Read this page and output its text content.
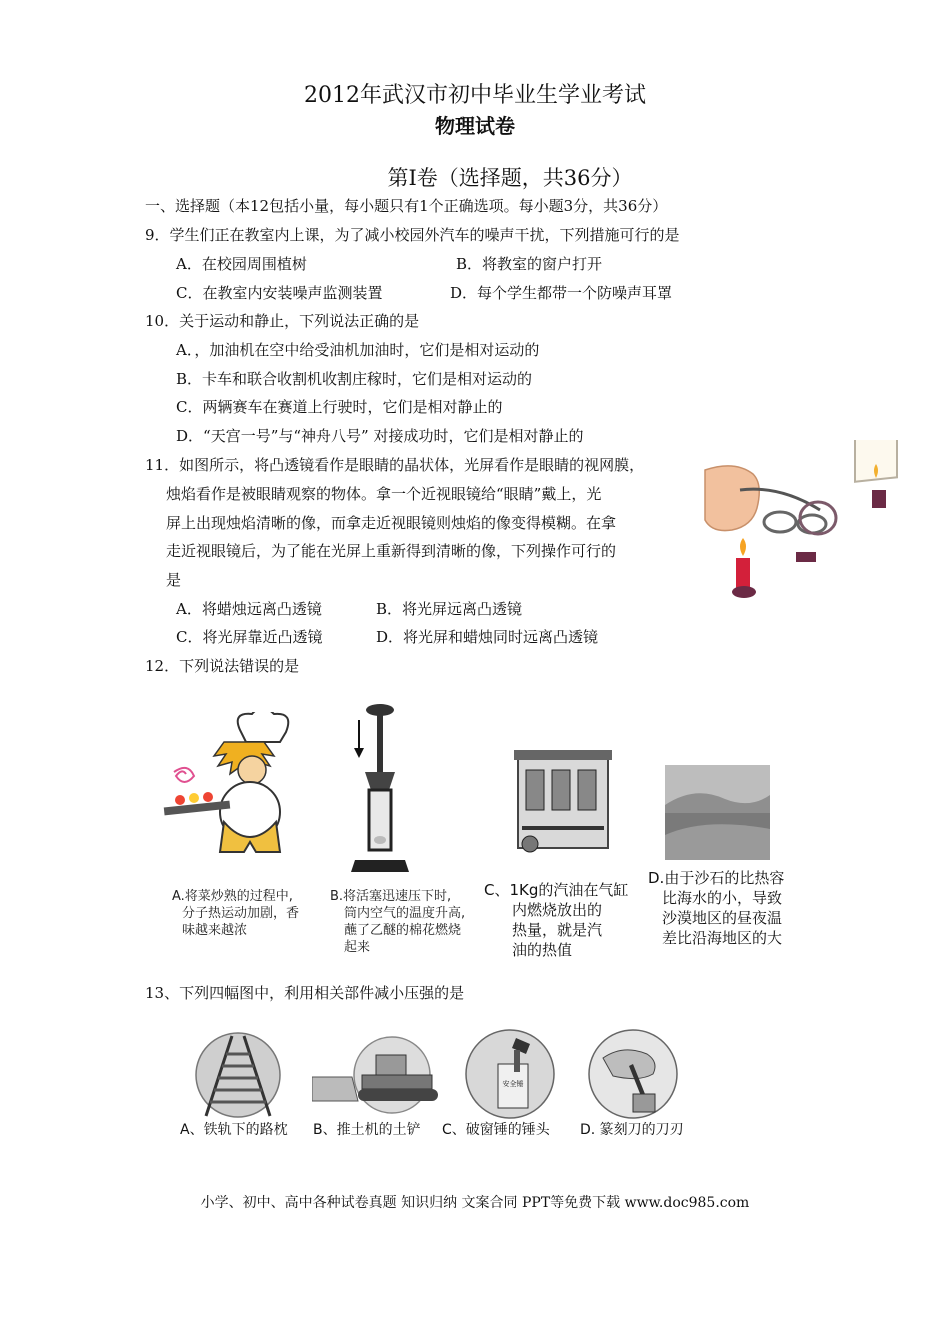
2012年武汉市初中毕业生学业考试
物理试卷
第Ⅰ卷（选择题，共36分）
一、选择题（本12包括小量，每小题只有1个正确选项。每小题3分，共36分）
9．学生们正在教室内上课，为了减小校园外汽车的噪声干扰，下列措施可行的是
A．在校园周围植树	B．将教室的窗户打开
C．在教室内安装噪声监测装置	D．每个学生都带一个防噪声耳罩
10．关于运动和静止，下列说法正确的是
A．，加油机在空中给受油机加油时，它们是相对运动的
B．卡车和联合收割机收割庄稼时，它们是相对运动的
C．两辆赛车在赛道上行驶时，它们是相对静止的
D．“天宫一号”与“神舟八号” 对接成功时，它们是相对静止的
11．如图所示，将凸透镜看作是眼睛的晶状体，光屏看作是眼睛的视网膜，
烛焰看作是被眼睛观察的物体。拿一个近视眼镜给“眼睛”戴上，光
屏上出现烛焰清晰的像，而拿走近视眼镜则烛焰的像变得模糊。在拿
走近视眼镜后，为了能在光屏上重新得到清晰的像，下列操作可行的
是
A．将蜡烛远离凸透镜	B．将光屏远离凸透镜
C．将光屏靠近凸透镜	D．将光屏和蜡烛同时远离凸透镜
12．下列说法错误的是
A.将菜炒熟的过程中,
分子热运动加剧，香
味越来越浓
B.将活塞迅速压下时,
筒内空气的温度升高,
蘸了乙醚的棉花燃烧
起来
C、1Kg的汽油在气缸
内燃烧放出的
热量，就是汽
油的热值
D.由于沙石的比热容
比海水的小，导致
沙漠地区的昼夜温
差比沿海地区的大
13、下列四幅图中，利用相关部件减小压强的是
安全锤
A、铁轨下的路枕 B、推土机的土铲 C、破窗锤的锤头 D. 篆刻刀的刀刃
小学、初中、高中各种试卷真题 知识归纳 文案合同 PPT等免费下载 www.doc985.com
